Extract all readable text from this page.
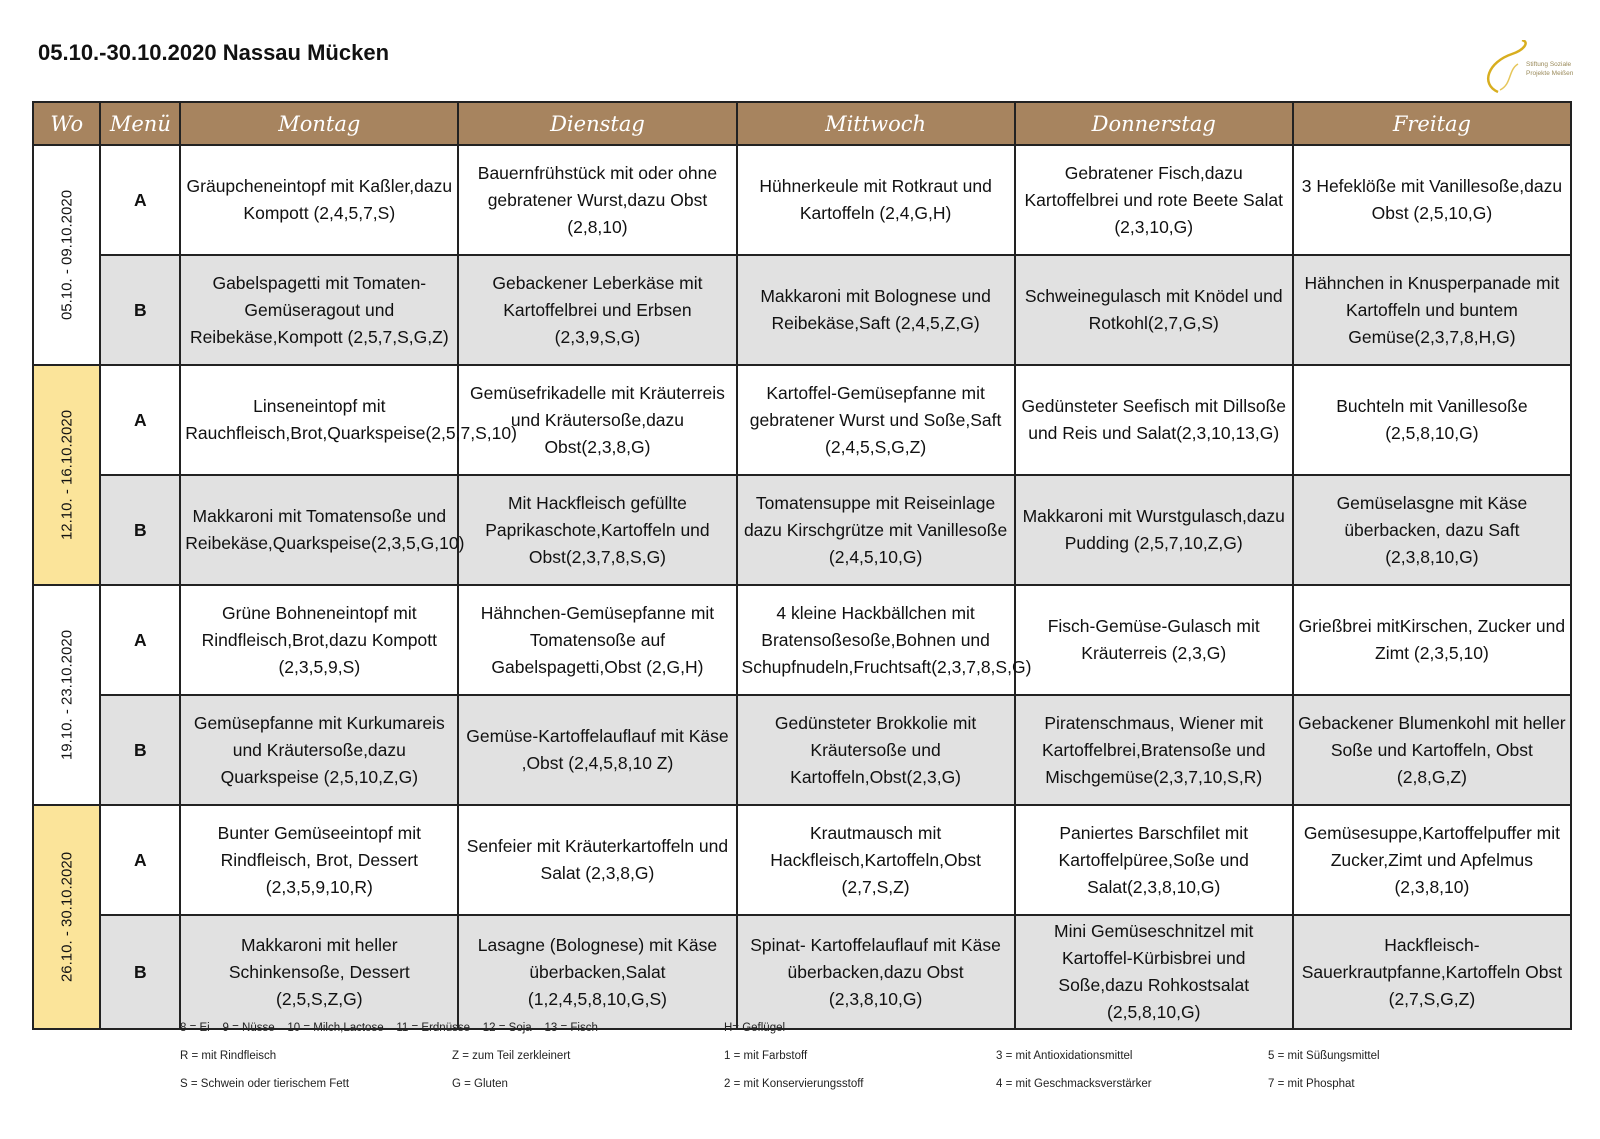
05.10.-30.10.2020 Nassau Mücken	Stiftung Soziale
Projekte Meißen
Wo	Menü	Montag	Dienstag	Mittwoch	Donnerstag	Freitag

05.10. - 09.10.2020	A	Gräupcheneintopf mit Kaßler,dazu Kompott (2,4,5,7,S)	Bauernfrühstück mit oder ohne gebratener Wurst,dazu Obst (2,8,10)	Hühnerkeule mit Rotkraut und Kartoffeln (2,4,G,H)	Gebratener Fisch,dazu Kartoffelbrei und rote Beete Salat (2,3,10,G)	3 Hefeklöße mit Vanillesoße,dazu Obst (2,5,10,G)
	B	Gabelspagetti mit Tomaten-Gemüseragout und Reibekäse,Kompott (2,5,7,S,G,Z)	Gebackener Leberkäse mit Kartoffelbrei und Erbsen (2,3,9,S,G)	Makkaroni mit Bolognese und Reibekäse,Saft (2,4,5,Z,G)	Schweinegulasch mit Knödel und Rotkohl(2,7,G,S)	Hähnchen in Knusperpanade mit Kartoffeln und buntem Gemüse(2,3,7,8,H,G)

12.10. - 16.10.2020	A	Linseneintopf mit Rauchfleisch,Brot,Quarkspeise(2,5,7,S,10)	Gemüsefrikadelle mit Kräuterreis und Kräutersoße,dazu Obst(2,3,8,G)	Kartoffel-Gemüsepfanne mit gebratener Wurst und Soße,Saft (2,4,5,S,G,Z)	Gedünsteter Seefisch mit Dillsoße und Reis und Salat(2,3,10,13,G)	Buchteln mit Vanillesoße (2,5,8,10,G)
	B	Makkaroni mit Tomatensoße und Reibekäse,Quarkspeise(2,3,5,G,10)	Mit Hackfleisch gefüllte Paprikaschote,Kartoffeln und Obst(2,3,7,8,S,G)	Tomatensuppe mit Reiseinlage dazu Kirschgrütze mit Vanillesoße (2,4,5,10,G)	Makkaroni mit Wurstgulasch,dazu Pudding (2,5,7,10,Z,G)	Gemüselasgne mit Käse überbacken, dazu Saft (2,3,8,10,G)

19.10. - 23.10.2020	A	Grüne Bohneneintopf mit Rindfleisch,Brot,dazu Kompott (2,3,5,9,S)	Hähnchen-Gemüsepfanne mit Tomatensoße auf Gabelspagetti,Obst (2,G,H)	4 kleine Hackbällchen mit Bratensoßesoße,Bohnen und Schupfnudeln,Fruchtsaft(2,3,7,8,S,G)	Fisch-Gemüse-Gulasch mit Kräuterreis (2,3,G)	Grießbrei mitKirschen, Zucker und Zimt (2,3,5,10)
	B	Gemüsepfanne mit Kurkumareis und Kräutersoße,dazu Quarkspeise (2,5,10,Z,G)	Gemüse-Kartoffelauflauf mit Käse ,Obst (2,4,5,8,10 Z)	Gedünsteter Brokkolie mit Kräutersoße und Kartoffeln,Obst(2,3,G)	Piratenschmaus, Wiener mit Kartoffelbrei,Bratensoße und Mischgemüse(2,3,7,10,S,R)	Gebackener Blumenkohl mit heller Soße und Kartoffeln, Obst (2,8,G,Z)

26.10. - 30.10.2020	A	Bunter Gemüseeintopf mit Rindfleisch, Brot, Dessert (2,3,5,9,10,R)	Senfeier mit Kräuterkartoffeln und Salat (2,3,8,G)	Krautmausch mit Hackfleisch,Kartoffeln,Obst (2,7,S,Z)	Paniertes Barschfilet mit Kartoffelpüree,Soße und Salat(2,3,8,10,G)	Gemüsesuppe,Kartoffelpuffer mit Zucker,Zimt und Apfelmus (2,3,8,10)
	B	Makkaroni mit heller Schinkensoße, Dessert (2,5,S,Z,G)	Lasagne (Bolognese) mit Käse überbacken,Salat (1,2,4,5,8,10,G,S)	Spinat- Kartoffelauflauf mit Käse überbacken,dazu Obst (2,3,8,10,G)	Mini Gemüseschnitzel mit Kartoffel-Kürbisbrei und Soße,dazu Rohkostsalat (2,5,8,10,G)	Hackfleisch-Sauerkrautpfanne,Kartoffeln Obst (2,7,S,G,Z)
8 = Ei    9 = Nüsse    10 = Milch,Lactose    11 = Erdnüsse    12 = Soja    13 = Fisch	H= Geflügel
R = mit Rindfleisch	Z = zum Teil zerkleinert	1 = mit Farbstoff	3 = mit Antioxidationsmittel	5 = mit Süßungsmittel
S = Schwein oder tierischem Fett	G = Gluten	2 = mit Konservierungsstoff	4 = mit Geschmacksverstärker	7 = mit Phosphat
